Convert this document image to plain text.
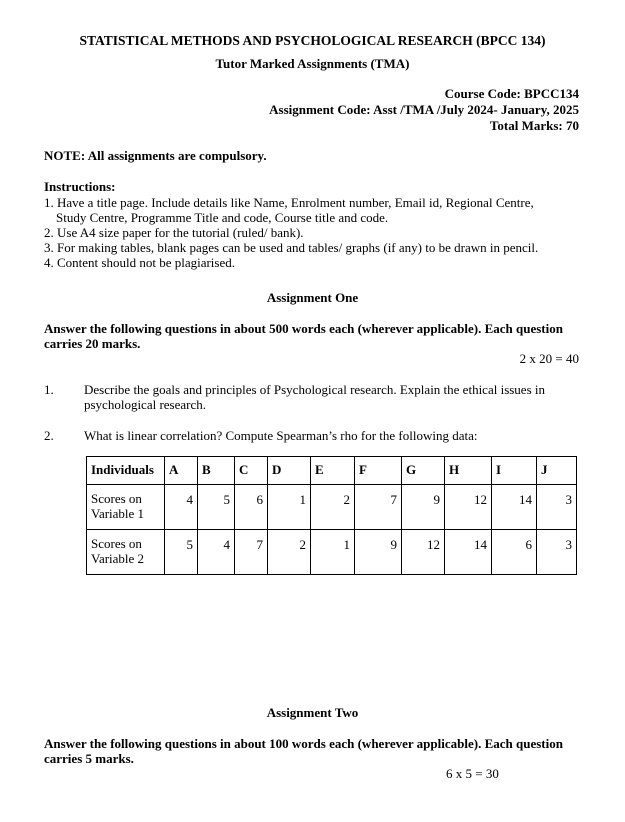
STATISTICAL METHODS AND PSYCHOLOGICAL RESEARCH (BPCC 134)
Tutor Marked Assignments (TMA)
Course Code: BPCC134
Assignment Code: Asst /TMA /July 2024- January, 2025
Total Marks: 70
NOTE: All assignments are compulsory.
Instructions:
1. Have a title page. Include details like Name, Enrolment number, Email id, Regional Centre,
Study Centre, Programme Title and code, Course title and code.
2. Use A4 size paper for the tutorial (ruled/ bank).
3. For making tables, blank pages can be used and tables/ graphs (if any) to be drawn in pencil.
4. Content should not be plagiarised.
Assignment One
Answer the following questions in about 500 words each (wherever applicable). Each question carries 20 marks.
2 x 20 = 40
1. Describe the goals and principles of Psychological research. Explain the ethical issues in psychological research.
2. What is linear correlation? Compute Spearman’s rho for the following data:
Individuals	A	B	C	D	E	F	G	H	I	J
Scores on
Variable 1	4	5	6	1	2	7	9	12	14	3
Scores on
Variable 2	5	4	7	2	1	9	12	14	6	3
Assignment Two
Answer the following questions in about 100 words each (wherever applicable). Each question carries 5 marks.
6 x 5 = 30
